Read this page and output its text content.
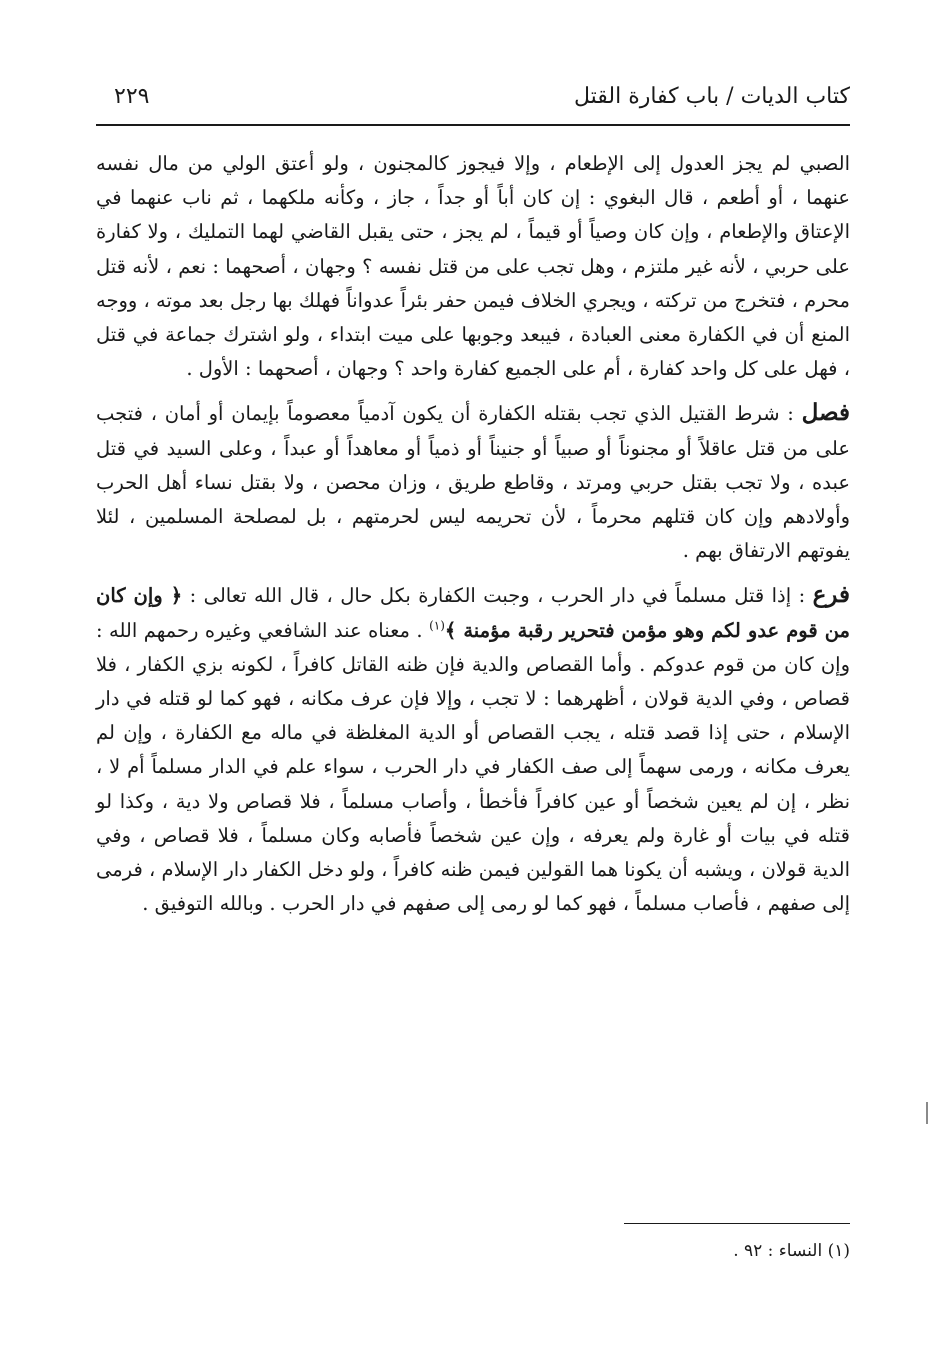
كتاب الديات / باب كفارة القتل
٢٢٩

الصبي لم يجز العدول إلى الإطعام ، وإلا فيجوز كالمجنون ، ولو أعتق الولي من مال نفسه عنهما ، أو أطعم ، قال البغوي : إن كان أباً أو جداً ، جاز ، وكأنه ملكهما ، ثم ناب عنهما في الإعتاق والإطعام ، وإن كان وصياً أو قيماً ، لم يجز ، حتى يقبل القاضي لهما التمليك ، ولا كفارة على حربي ، لأنه غير ملتزم ، وهل تجب على من قتل نفسه ؟ وجهان ، أصحهما : نعم ، لأنه قتل محرم ، فتخرج من تركته ، ويجري الخلاف فيمن حفر بئراً عدواناً فهلك بها رجل بعد موته ، ووجه المنع أن في الكفارة معنى العبادة ، فيبعد وجوبها على ميت ابتداء ، ولو اشترك جماعة في قتل ، فهل على كل واحد كفارة ، أم على الجميع كفارة واحد ؟ وجهان ، أصحهما : الأول .

فصل : شرط القتيل الذي تجب بقتله الكفارة أن يكون آدمياً معصوماً بإيمان أو أمان ، فتجب على من قتل عاقلاً أو مجنوناً أو صبياً أو جنيناً أو ذمياً أو معاهداً أو عبداً ، وعلى السيد في قتل عبده ، ولا تجب بقتل حربي ومرتد ، وقاطع طريق ، وزان محصن ، ولا بقتل نساء أهل الحرب وأولادهم وإن كان قتلهم محرماً ، لأن تحريمه ليس لحرمتهم ، بل لمصلحة المسلمين ، لئلا يفوتهم الارتفاق بهم .

فرع : إذا قتل مسلماً في دار الحرب ، وجبت الكفارة بكل حال ، قال الله تعالى : ﴿ وإن كان من قوم عدو لكم وهو مؤمن فتحرير رقبة مؤمنة ﴾$^{(١)}$ . معناه عند الشافعي وغيره رحمهم الله : وإن كان من قوم عدوكم . وأما القصاص والدية فإن ظنه القاتل كافراً ، لكونه بزي الكفار ، فلا قصاص ، وفي الدية قولان ، أظهرهما : لا تجب ، وإلا فإن عرف مكانه ، فهو كما لو قتله في دار الإسلام ، حتى إذا قصد قتله ، يجب القصاص أو الدية المغلظة في ماله مع الكفارة ، وإن لم يعرف مكانه ، ورمى سهماً إلى صف الكفار في دار الحرب ، سواء علم في الدار مسلماً أم لا ، نظر ، إن لم يعين شخصاً أو عين كافراً فأخطأ ، وأصاب مسلماً ، فلا قصاص ولا دية ، وكذا لو قتله في بيات أو غارة ولم يعرفه ، وإن عين شخصاً فأصابه وكان مسلماً ، فلا قصاص ، وفي الدية قولان ، ويشبه أن يكونا هما القولين فيمن ظنه كافراً ، ولو دخل الكفار دار الإسلام ، فرمى إلى صفهم ، فأصاب مسلماً ، فهو كما لو رمى إلى صفهم في دار الحرب . وبالله التوفيق .

(١) النساء : ٩٢ .
